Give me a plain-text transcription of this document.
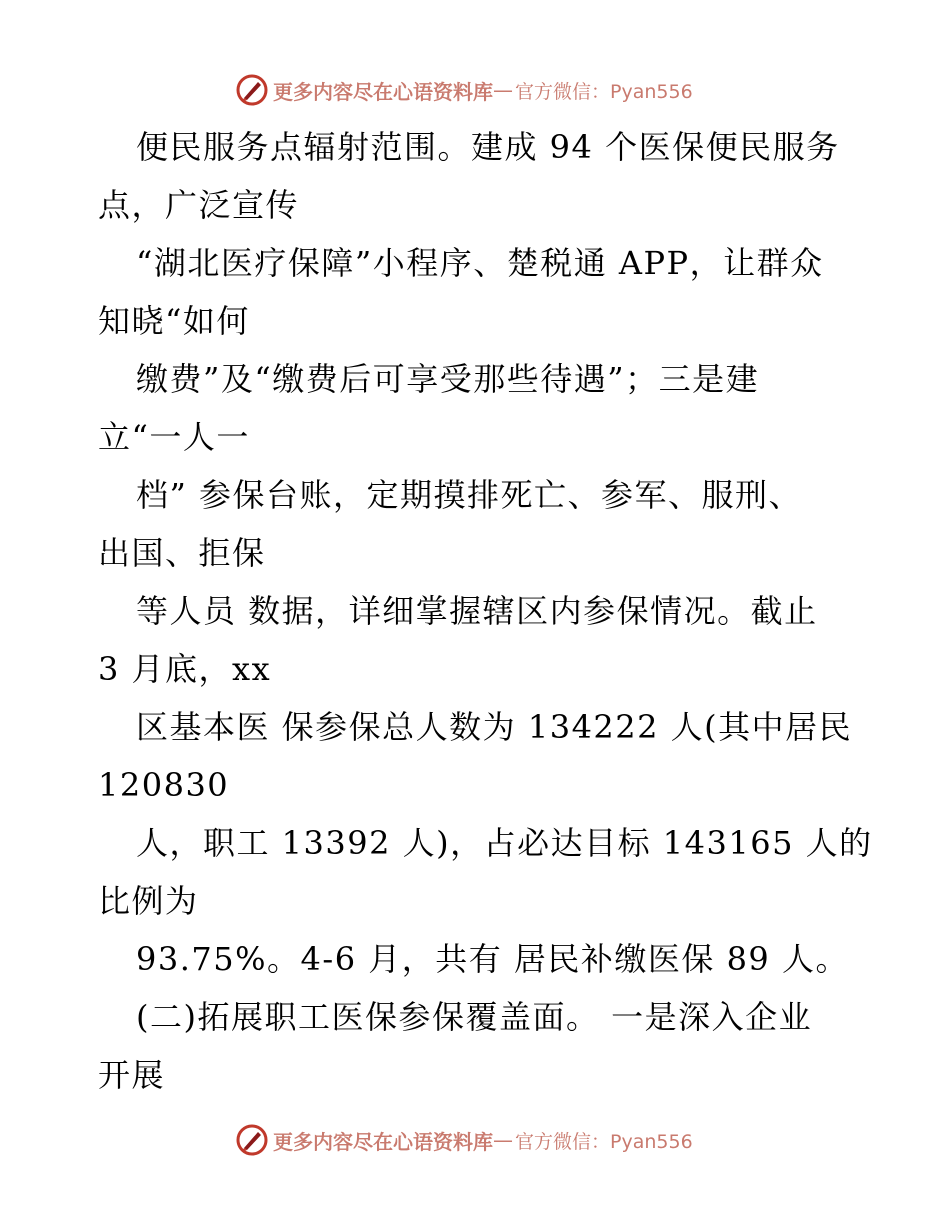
更多内容尽在心语资料库 — 官方微信：Pyan556
便民服务点辐射范围。建成 94 个医保便民服务
点，广泛宣传
“湖北医疗保障”小程序、楚税通 APP，让群众
知晓“如何
缴费”及“缴费后可享受那些待遇”；三是建
立“一人一
档” 参保台账，定期摸排死亡、参军、服刑、
出国、拒保
等人员 数据，详细掌握辖区内参保情况。截止
3 月底，xx
区基本医 保参保总人数为 134222 人(其中居民
120830
人，职工 13392 人)，占必达目标 143165 人的
比例为
93.75%。4-6 月，共有 居民补缴医保 89 人。
(二)拓展职工医保参保覆盖面。 一是深入企业
开展
更多内容尽在心语资料库 — 官方微信：Pyan556
